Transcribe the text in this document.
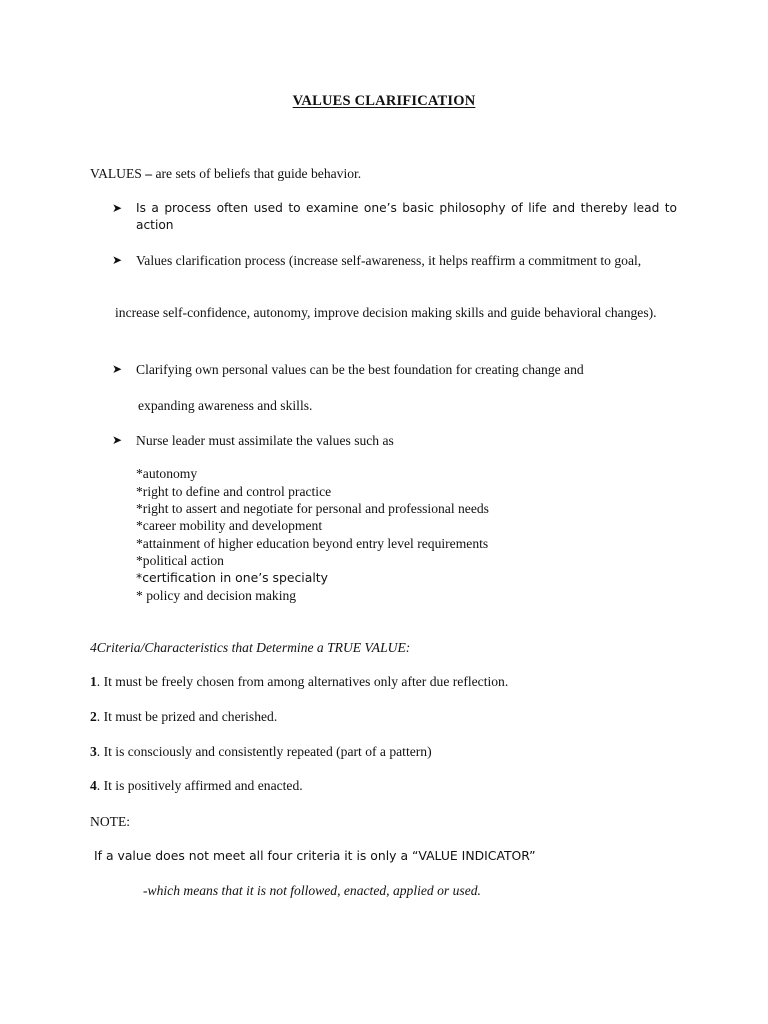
VALUES CLARIFICATION
VALUES – are sets of beliefs that guide behavior.
➤	Is a process often used to examine one’s basic philosophy of life and thereby lead to action
➤	Values clarification process (increase self-awareness, it helps reaffirm a commitment to goal,
increase self-confidence, autonomy, improve decision making skills and guide behavioral changes).
➤	Clarifying own personal values can be the best foundation for creating change and
expanding awareness and skills.
➤	Nurse leader must assimilate the values such as
*autonomy
*right to define and control practice
*right to assert and negotiate for personal and professional needs
*career mobility and development
*attainment of higher education beyond entry level requirements
*political action
*certification in one’s specialty
* policy and decision making
4Criteria/Characteristics that Determine a TRUE VALUE:
1. It must be freely chosen from among alternatives only after due reflection.
2. It must be prized and cherished.
3. It is consciously and consistently repeated (part of a pattern)
4. It is positively affirmed and enacted.
NOTE:
If a value does not meet all four criteria it is only a “VALUE INDICATOR”
-which means that it is not followed, enacted, applied or used.
